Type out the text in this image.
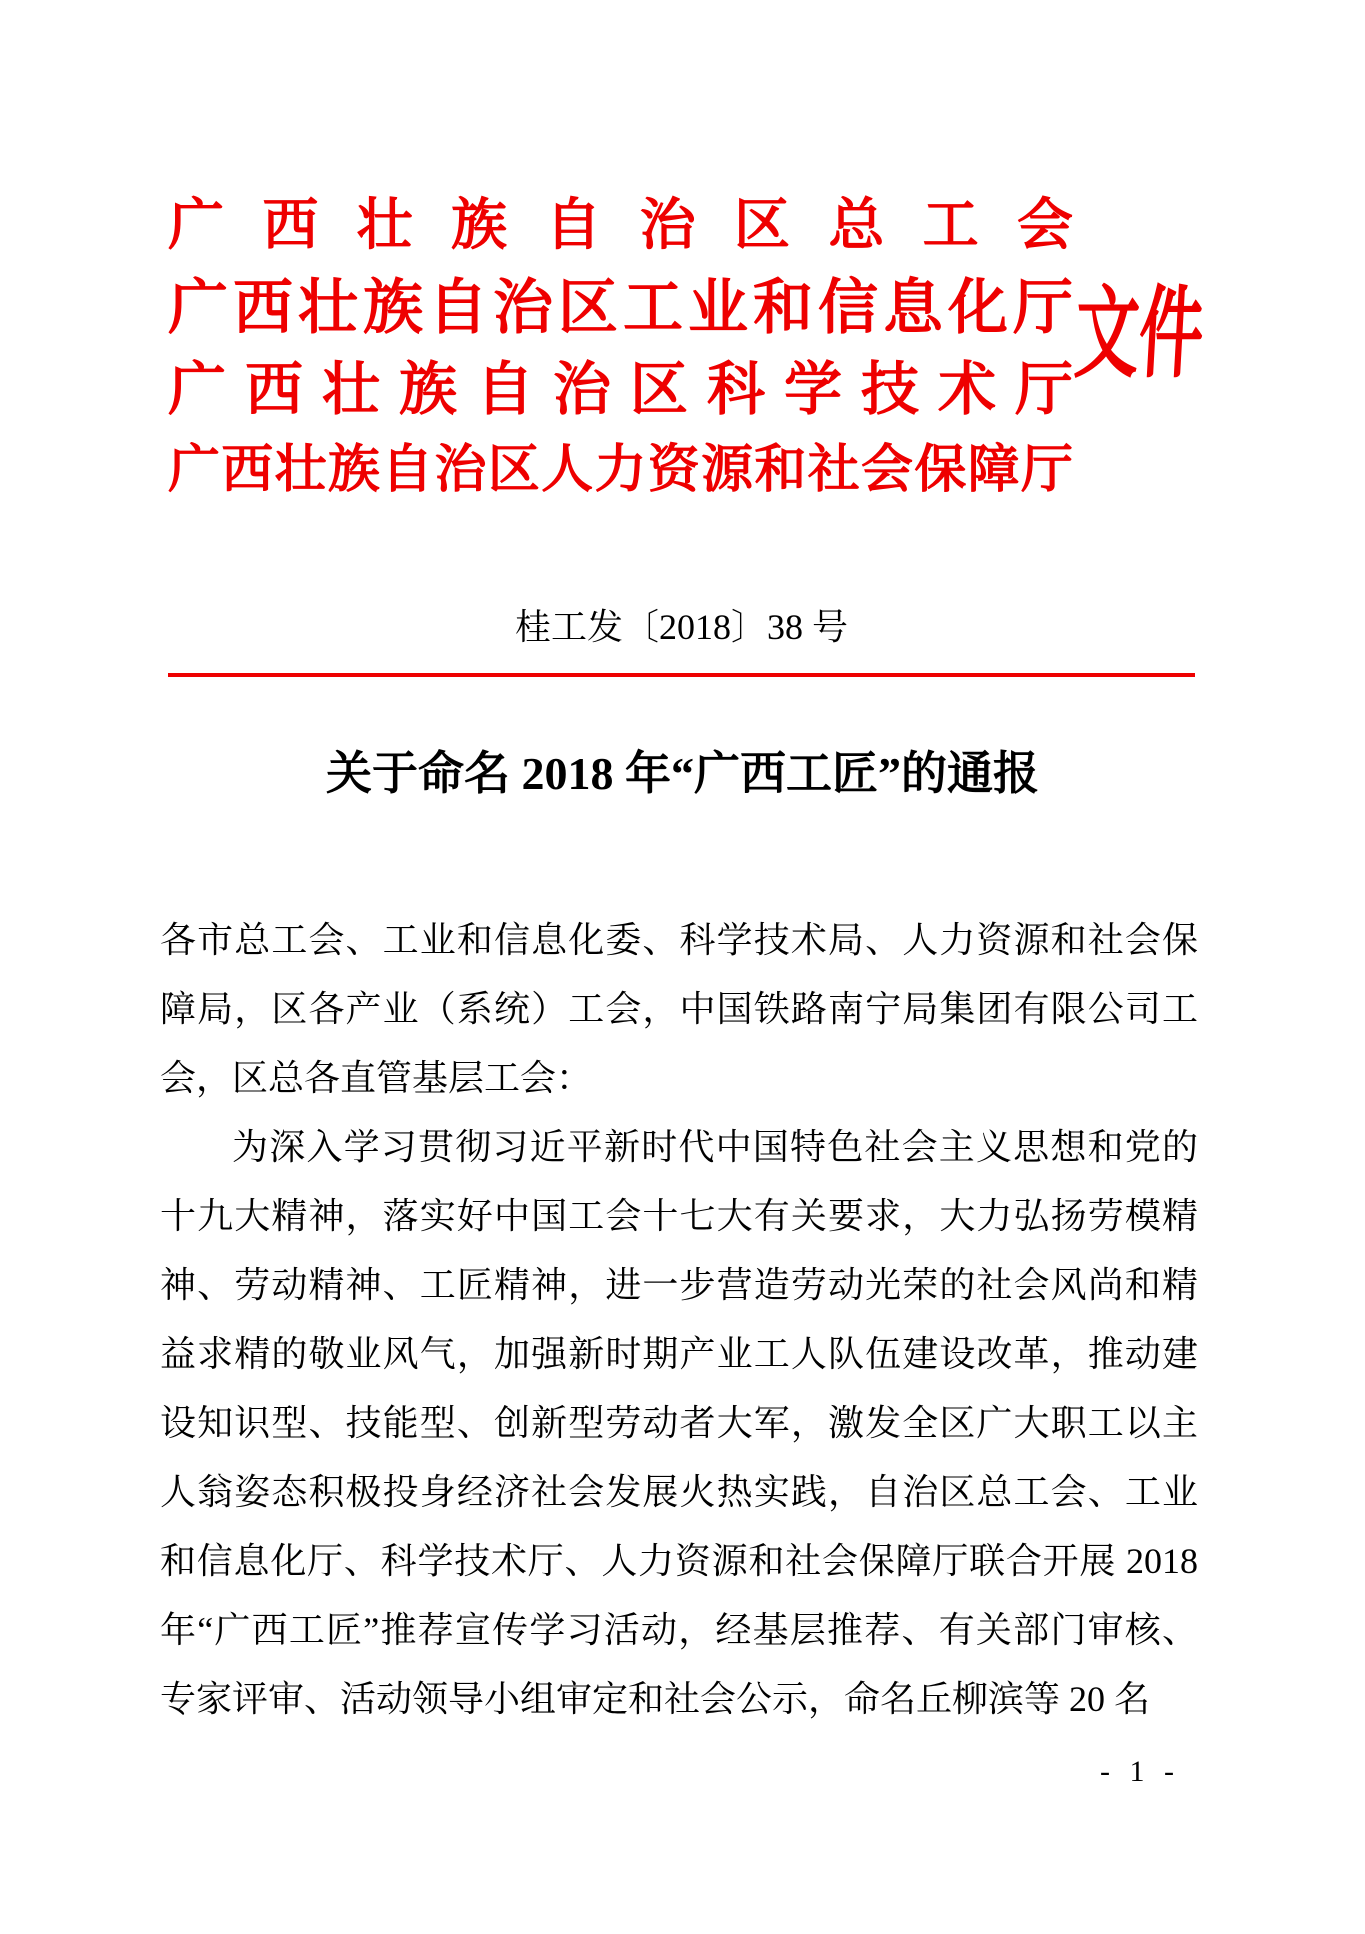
广西壮族自治区总工会
广西壮族自治区工业和信息化厅
广西壮族自治区科学技术厅
广西壮族自治区人力资源和社会保障厅
文件
桂工发〔2018〕38 号
关于命名 2018 年“广西工匠”的通报
各市总工会、工业和信息化委、科学技术局、人力资源和社会保
障局，区各产业（系统）工会，中国铁路南宁局集团有限公司工
会，区总各直管基层工会：
为深入学习贯彻习近平新时代中国特色社会主义思想和党的
十九大精神，落实好中国工会十七大有关要求，大力弘扬劳模精
神、劳动精神、工匠精神，进一步营造劳动光荣的社会风尚和精
益求精的敬业风气，加强新时期产业工人队伍建设改革，推动建
设知识型、技能型、创新型劳动者大军，激发全区广大职工以主
人翁姿态积极投身经济社会发展火热实践，自治区总工会、工业
和信息化厅、科学技术厅、人力资源和社会保障厅联合开展 2018
年“广西工匠”推荐宣传学习活动，经基层推荐、有关部门审核、
专家评审、活动领导小组审定和社会公示，命名丘柳滨等 20 名
- 1 -
